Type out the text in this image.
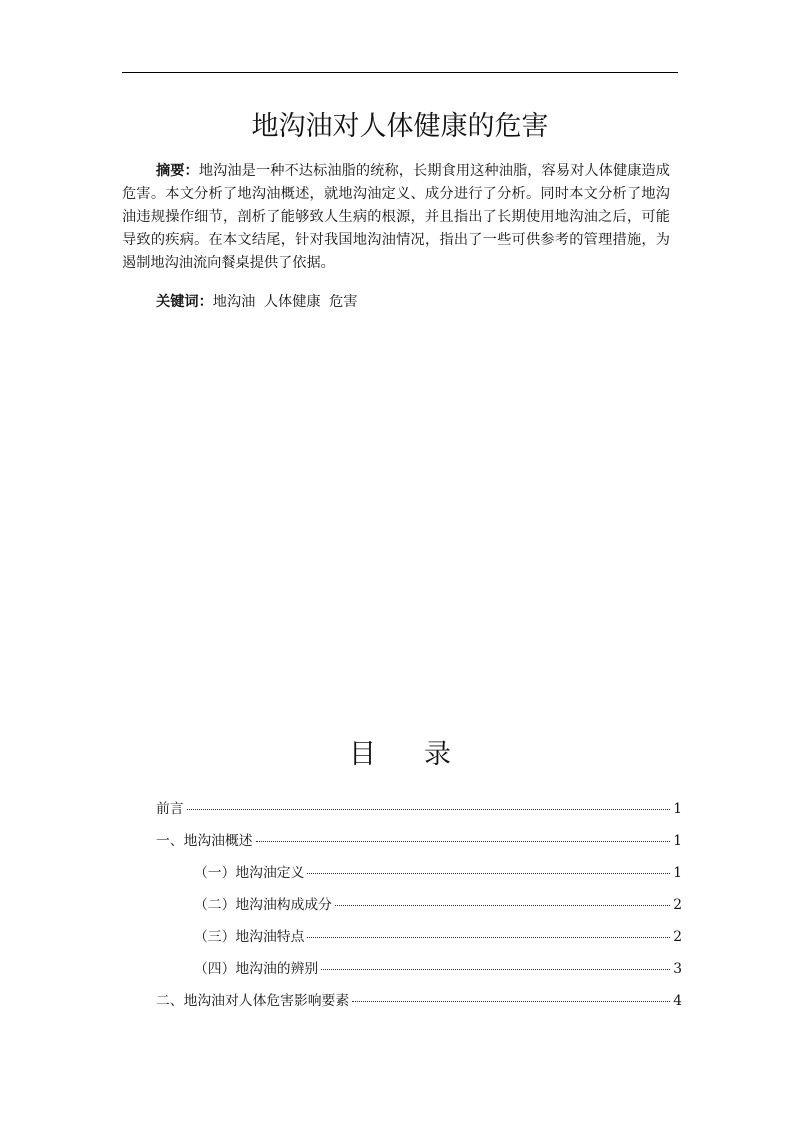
地沟油对人体健康的危害

摘要：地沟油是一种不达标油脂的统称，长期食用这种油脂，容易对人体健康造成危害。本文分析了地沟油概述，就地沟油定义、成分进行了分析。同时本文分析了地沟油违规操作细节，剖析了能够致人生病的根源，并且指出了长期使用地沟油之后，可能导致的疾病。在本文结尾，针对我国地沟油情况，指出了一些可供参考的管理措施，为遏制地沟油流向餐桌提供了依据。

关键词：地沟油 人体健康 危害

目录
前言	1
一、地沟油概述	1
（一）地沟油定义	1
（二）地沟油构成成分	2
（三）地沟油特点	2
（四）地沟油的辨别	3
二、地沟油对人体危害影响要素	4
